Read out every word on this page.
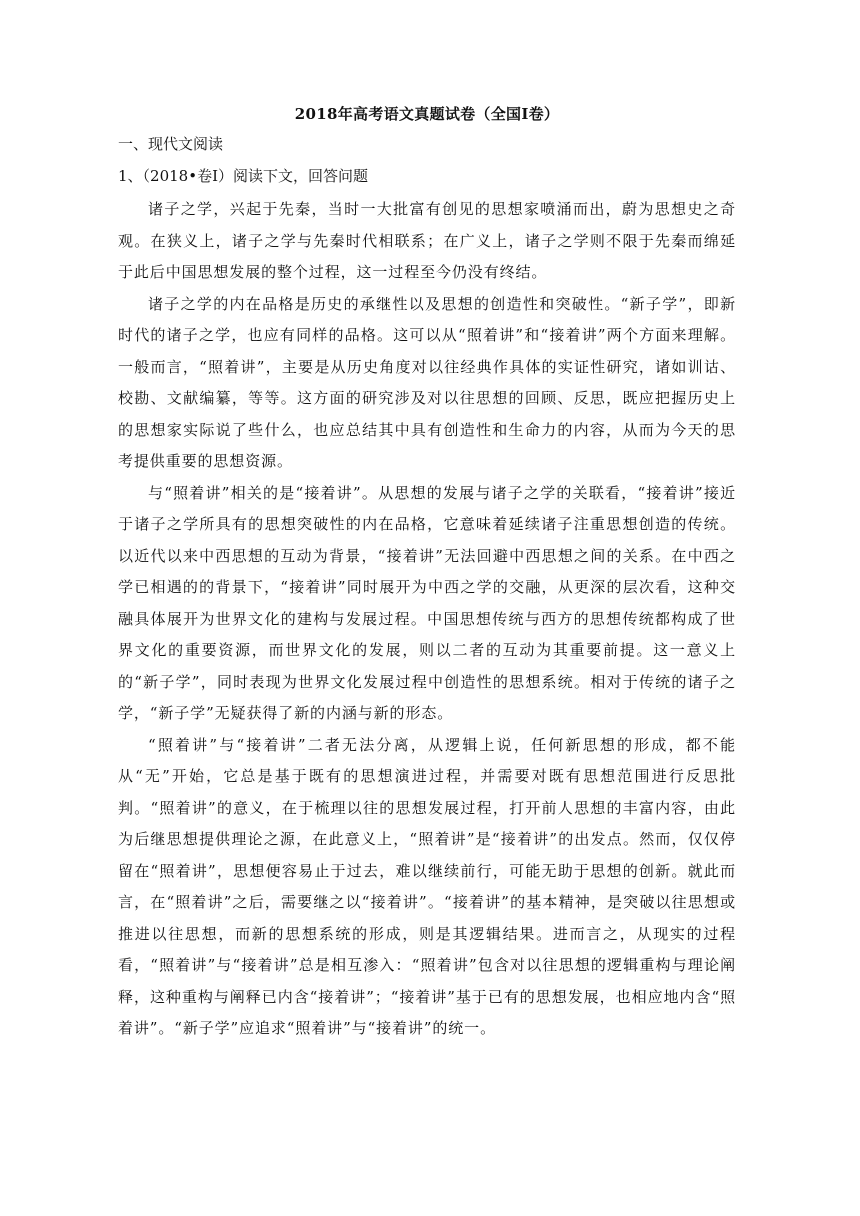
2018年高考语文真题试卷（全国Ⅰ卷）
一、现代文阅读
1、（2018•卷Ⅰ）阅读下文，回答问题

诸子之学，兴起于先秦，当时一大批富有创见的思想家喷涌而出，蔚为思想史之奇观。在狭义上，诸子之学与先秦时代相联系；在广义上，诸子之学则不限于先秦而绵延于此后中国思想发展的整个过程，这一过程至今仍没有终结。

诸子之学的内在品格是历史的承继性以及思想的创造性和突破性。“新子学”，即新时代的诸子之学，也应有同样的品格。这可以从“照着讲”和“接着讲”两个方面来理解。一般而言，“照着讲”，主要是从历史角度对以往经典作具体的实证性研究，诸如训诂、校勘、文献编纂，等等。这方面的研究涉及对以往思想的回顾、反思，既应把握历史上的思想家实际说了些什么，也应总结其中具有创造性和生命力的内容，从而为今天的思考提供重要的思想资源。

与“照着讲”相关的是“接着讲”。从思想的发展与诸子之学的关联看，“接着讲”接近于诸子之学所具有的思想突破性的内在品格，它意味着延续诸子注重思想创造的传统。以近代以来中西思想的互动为背景，“接着讲”无法回避中西思想之间的关系。在中西之学已相遇的的背景下，“接着讲”同时展开为中西之学的交融，从更深的层次看，这种交融具体展开为世界文化的建构与发展过程。中国思想传统与西方的思想传统都构成了世界文化的重要资源，而世界文化的发展，则以二者的互动为其重要前提。这一意义上的“新子学”，同时表现为世界文化发展过程中创造性的思想系统。相对于传统的诸子之学，“新子学”无疑获得了新的内涵与新的形态。

“照着讲”与“接着讲”二者无法分离，从逻辑上说，任何新思想的形成，都不能从“无”开始，它总是基于既有的思想演进过程，并需要对既有思想范围进行反思批判。“照着讲”的意义，在于梳理以往的思想发展过程，打开前人思想的丰富内容，由此为后继思想提供理论之源，在此意义上，“照着讲”是“接着讲”的出发点。然而，仅仅停留在“照着讲”，思想便容易止于过去，难以继续前行，可能无助于思想的创新。就此而言，在“照着讲”之后，需要继之以“接着讲”。“接着讲”的基本精神，是突破以往思想或推进以往思想，而新的思想系统的形成，则是其逻辑结果。进而言之，从现实的过程看，“照着讲”与“接着讲”总是相互渗入：“照着讲”包含对以往思想的逻辑重构与理论阐释，这种重构与阐释已内含“接着讲”；“接着讲”基于已有的思想发展，也相应地内含“照着讲”。“新子学”应追求“照着讲”与“接着讲”的统一。
